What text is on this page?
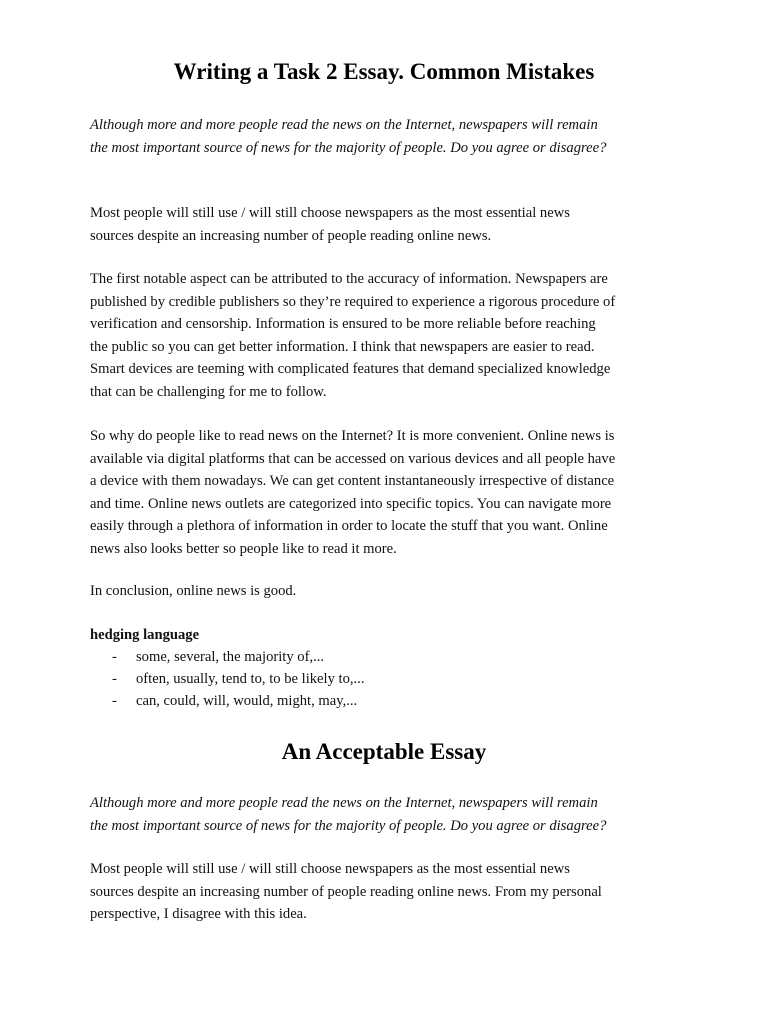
Writing a Task 2 Essay. Common Mistakes

Although more and more people read the news on the Internet, newspapers will remain
the most important source of news for the majority of people. Do you agree or disagree?

Most people will still use / will still choose newspapers as the most essential news
sources despite an increasing number of people reading online news.

The first notable aspect can be attributed to the accuracy of information. Newspapers are
published by credible publishers so they’re required to experience a rigorous procedure of
verification and censorship. Information is ensured to be more reliable before reaching
the public so you can get better information. I think that newspapers are easier to read.
Smart devices are teeming with complicated features that demand specialized knowledge
that can be challenging for me to follow.

So why do people like to read news on the Internet? It is more convenient. Online news is
available via digital platforms that can be accessed on various devices and all people have
a device with them nowadays. We can get content instantaneously irrespective of distance
and time. Online news outlets are categorized into specific topics. You can navigate more
easily through a plethora of information in order to locate the stuff that you want. Online
news also looks better so people like to read it more.

In conclusion, online news is good.

hedging language

- some, several, the majority of,...
- often, usually, tend to, to be likely to,...
- can, could, will, would, might, may,...
An Acceptable Essay

Although more and more people read the news on the Internet, newspapers will remain
the most important source of news for the majority of people. Do you agree or disagree?

Most people will still use / will still choose newspapers as the most essential news
sources despite an increasing number of people reading online news. From my personal
perspective, I disagree with this idea.
